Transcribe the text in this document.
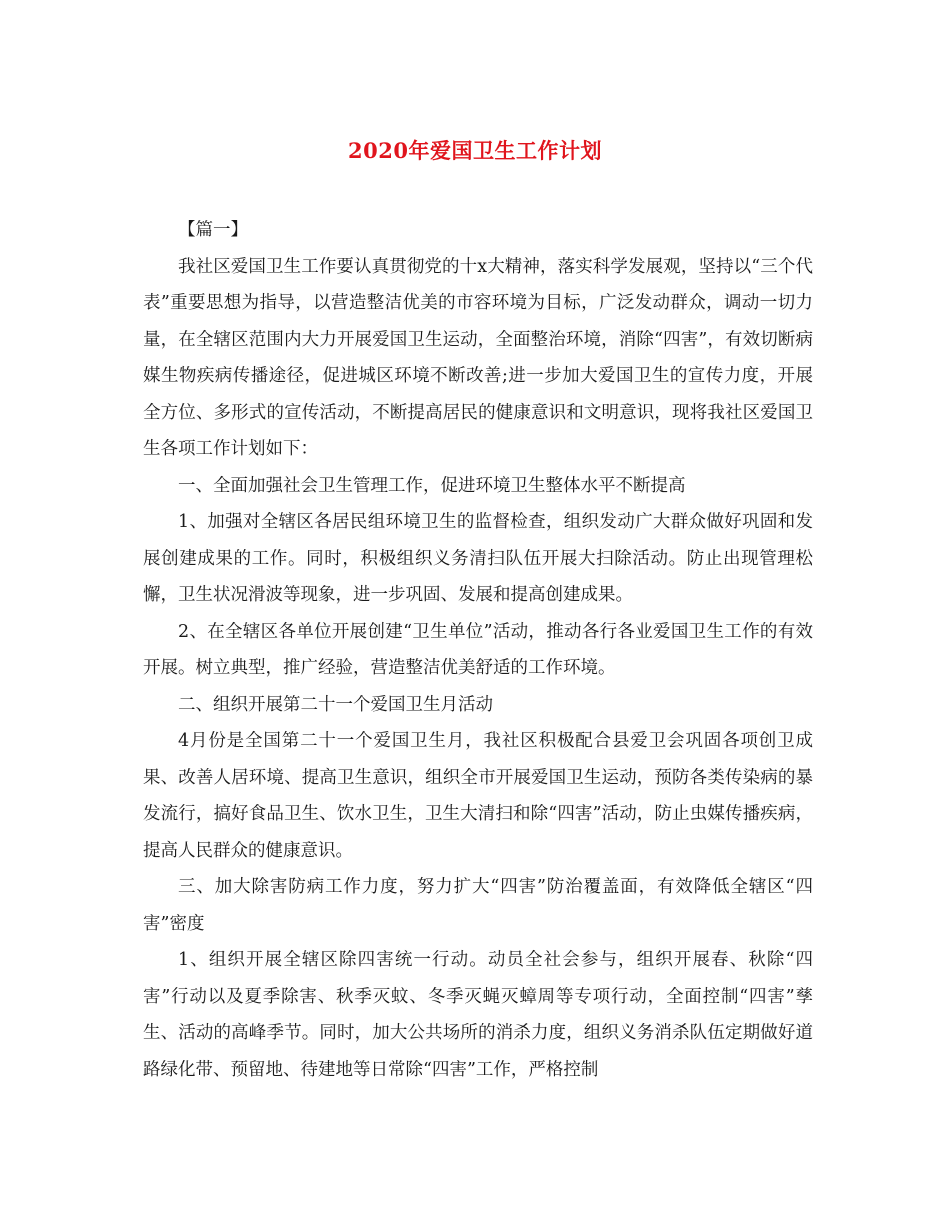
2020年爱国卫生工作计划

【篇一】

我社区爱国卫生工作要认真贯彻党的十x大精神，落实科学发展观，坚持以“三个代表”重要思想为指导，以营造整洁优美的市容环境为目标，广泛发动群众，调动一切力量，在全辖区范围内大力开展爱国卫生运动，全面整治环境，消除“四害”，有效切断病媒生物疾病传播途径，促进城区环境不断改善;进一步加大爱国卫生的宣传力度，开展全方位、多形式的宣传活动，不断提高居民的健康意识和文明意识，现将我社区爱国卫生各项工作计划如下：

一、全面加强社会卫生管理工作，促进环境卫生整体水平不断提高

1、加强对全辖区各居民组环境卫生的监督检查，组织发动广大群众做好巩固和发展创建成果的工作。同时，积极组织义务清扫队伍开展大扫除活动。防止出现管理松懈，卫生状况滑波等现象，进一步巩固、发展和提高创建成果。

2、在全辖区各单位开展创建“卫生单位”活动，推动各行各业爱国卫生工作的有效开展。树立典型，推广经验，营造整洁优美舒适的工作环境。

二、组织开展第二十一个爱国卫生月活动

4月份是全国第二十一个爱国卫生月，我社区积极配合县爱卫会巩固各项创卫成果、改善人居环境、提高卫生意识，组织全市开展爱国卫生运动，预防各类传染病的暴发流行，搞好食品卫生、饮水卫生，卫生大清扫和除“四害”活动，防止虫媒传播疾病，提高人民群众的健康意识。

三、加大除害防病工作力度，努力扩大“四害”防治覆盖面，有效降低全辖区“四害”密度

1、组织开展全辖区除四害统一行动。动员全社会参与，组织开展春、秋除“四害”行动以及夏季除害、秋季灭蚊、冬季灭蝇灭蟑周等专项行动，全面控制“四害”孳生、活动的高峰季节。同时，加大公共场所的消杀力度，组织义务消杀队伍定期做好道路绿化带、预留地、待建地等日常除“四害”工作，严格控制
